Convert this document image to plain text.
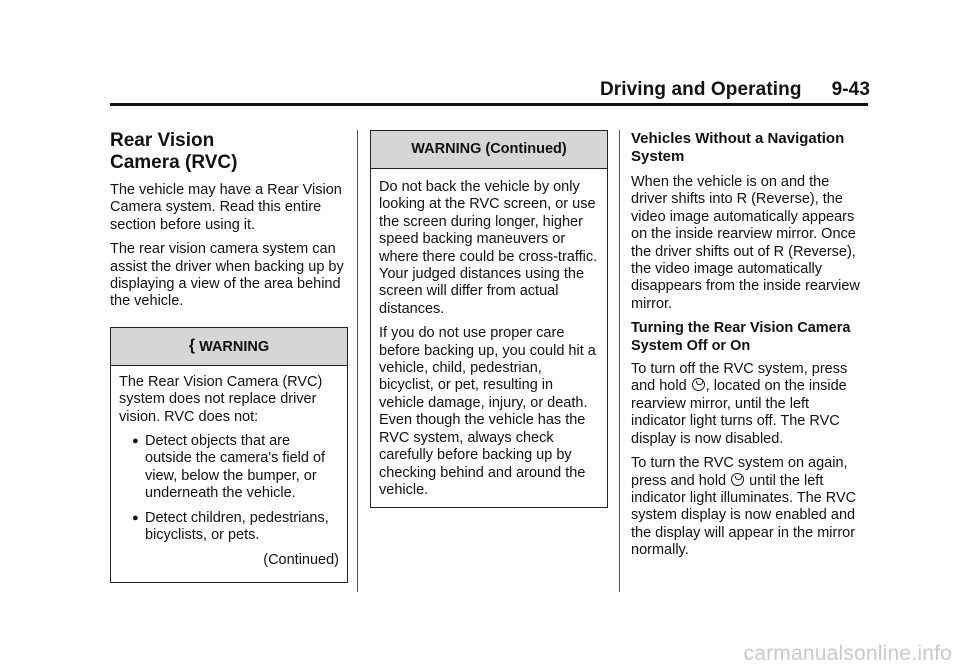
Driving and Operating 9-43
Rear Vision
Camera (RVC)

The vehicle may have a Rear Vision Camera system. Read this entire section before using it.

The rear vision camera system can assist the driver when backing up by displaying a view of the area behind the vehicle.

{ WARNING

The Rear Vision Camera (RVC) system does not replace driver vision. RVC does not:

● Detect objects that are outside the camera's field of view, below the bumper, or underneath the vehicle.
● Detect children, pedestrians, bicyclists, or pets.

(Continued)

WARNING (Continued)

Do not back the vehicle by only looking at the RVC screen, or use the screen during longer, higher speed backing maneuvers or where there could be cross-traffic. Your judged distances using the screen will differ from actual distances.

If you do not use proper care before backing up, you could hit a vehicle, child, pedestrian, bicyclist, or pet, resulting in vehicle damage, injury, or death. Even though the vehicle has the RVC system, always check carefully before backing up by checking behind and around the vehicle.

Vehicles Without a Navigation System

When the vehicle is on and the driver shifts into R (Reverse), the video image automatically appears on the inside rearview mirror. Once the driver shifts out of R (Reverse), the video image automatically disappears from the inside rearview mirror.

Turning the Rear Vision Camera System Off or On

To turn off the RVC system, press and hold , located on the inside rearview mirror, until the left indicator light turns off. The RVC display is now disabled.

To turn the RVC system on again, press and hold  until the left indicator light illuminates. The RVC system display is now enabled and the display will appear in the mirror normally.

carmanualsonline.info
